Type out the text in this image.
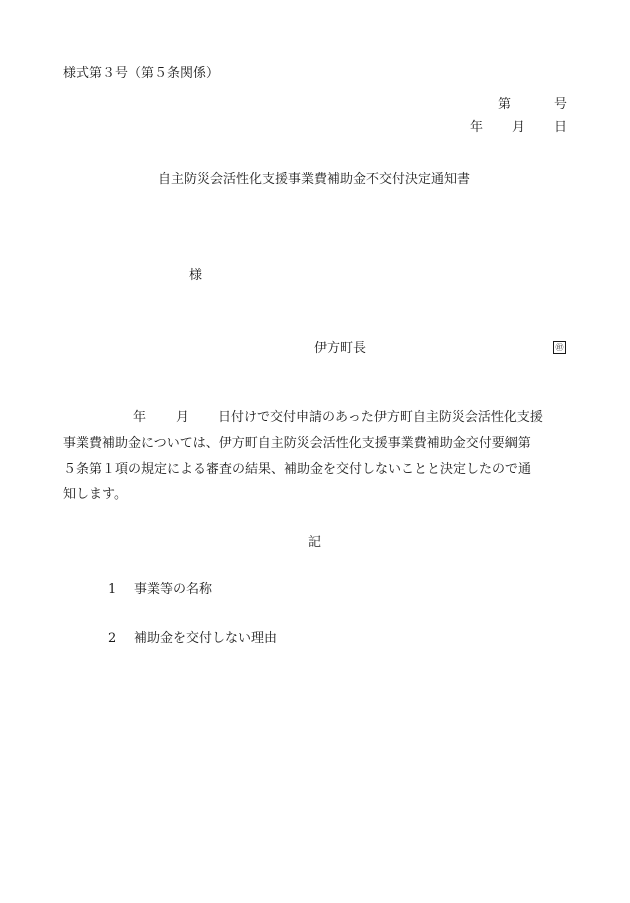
様式第３号（第５条関係）
第	号
年 月 日
自主防災会活性化支援事業費補助金不交付決定通知書
様
伊方町長	㊞
年 月 日付けで交付申請のあった伊方町自主防災会活性化支援
事業費補助金については、伊方町自主防災会活性化支援事業費補助金交付要綱第
５条第１項の規定による審査の結果、補助金を交付しないことと決定したので通
知します。
記
1 事業等の名称
2 補助金を交付しない理由
